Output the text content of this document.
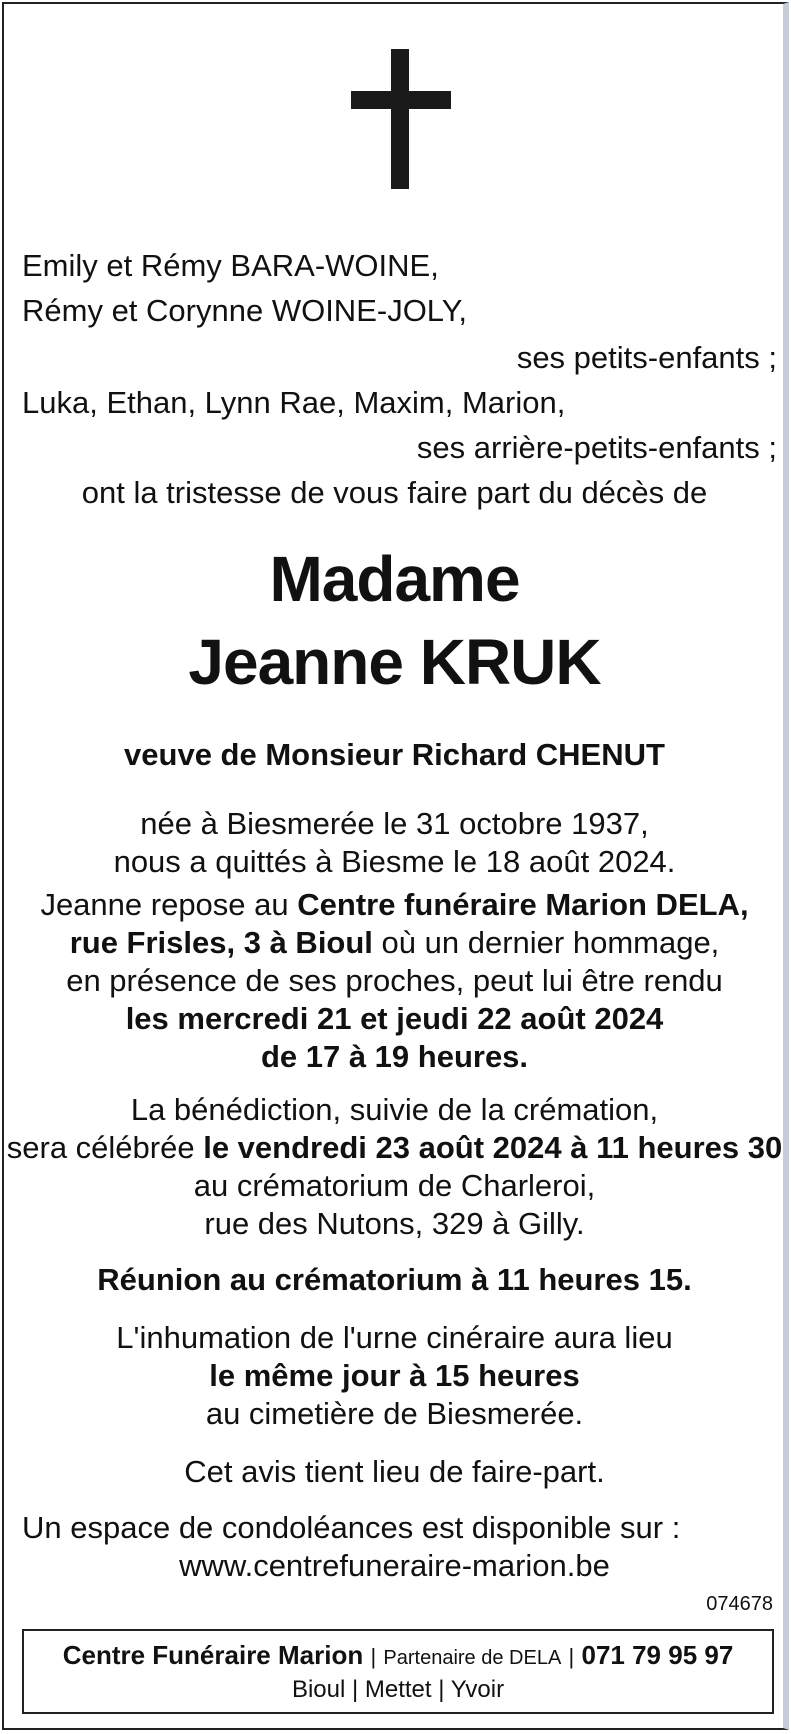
Emily et Rémy BARA-WOINE,
Rémy et Corynne WOINE-JOLY,
ses petits-enfants ;
Luka, Ethan, Lynn Rae, Maxim, Marion,
ses arrière-petits-enfants ;
ont la tristesse de vous faire part du décès de
Madame
Jeanne KRUK
veuve de Monsieur Richard CHENUT
née à Biesmerée le 31 octobre 1937,
nous a quittés à Biesme le 18 août 2024.
Jeanne repose au Centre funéraire Marion DELA,
rue Frisles, 3 à Bioul où un dernier hommage,
en présence de ses proches, peut lui être rendu
les mercredi 21 et jeudi 22 août 2024
de 17 à 19 heures.
La bénédiction, suivie de la crémation,
sera célébrée le vendredi 23 août 2024 à 11 heures 30
au crématorium de Charleroi,
rue des Nutons, 329 à Gilly.
Réunion au crématorium à 11 heures 15.
L'inhumation de l'urne cinéraire aura lieu
le même jour à 15 heures
au cimetière de Biesmerée.
Cet avis tient lieu de faire-part.
Un espace de condoléances est disponible sur :
www.centrefuneraire-marion.be
074678
Centre Funéraire Marion | Partenaire de DELA | 071 79 95 97
Bioul | Mettet | Yvoir
